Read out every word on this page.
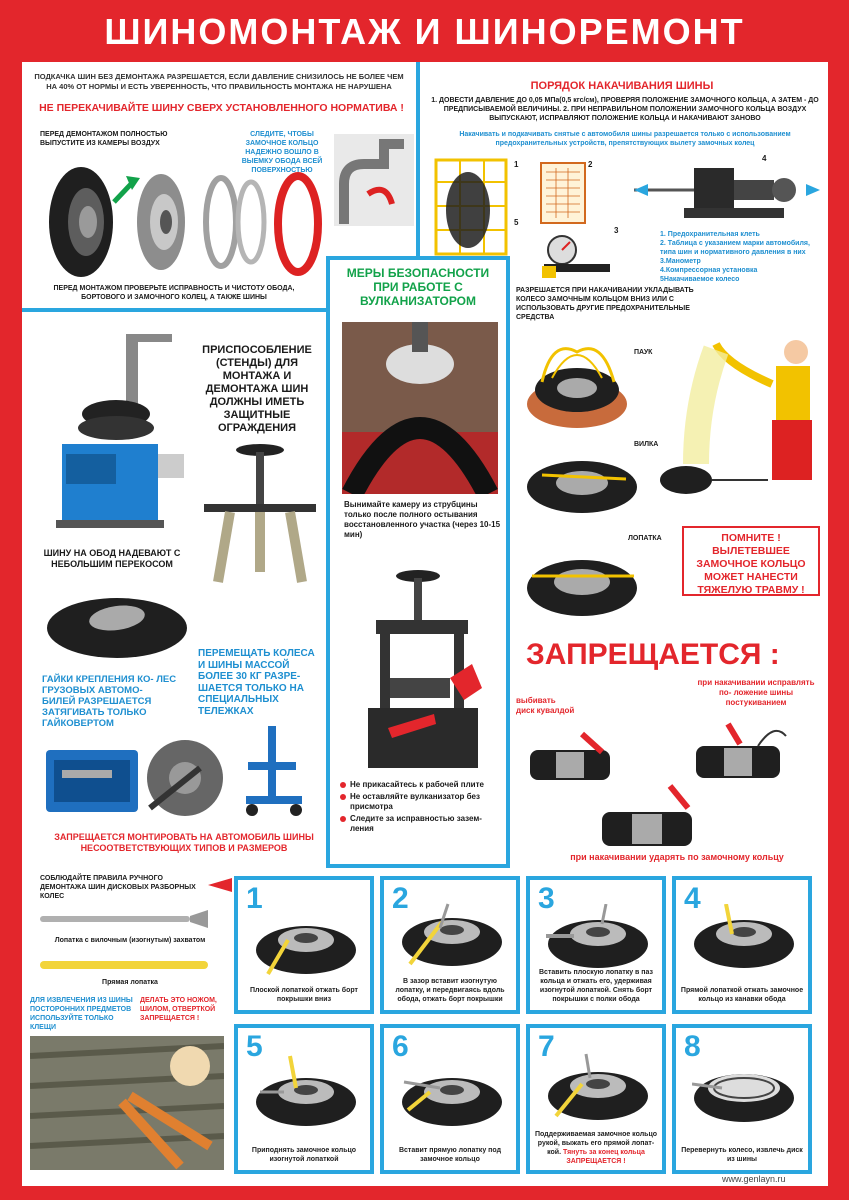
ШИНОМОНТАЖ И ШИНОРЕМОНТ
ПОДКАЧКА ШИН БЕЗ ДЕМОНТАЖА РАЗРЕШАЕТСЯ, ЕСЛИ ДАВЛЕНИЕ СНИЗИЛОСЬ НЕ БОЛЕЕ ЧЕМ НА 40% ОТ НОРМЫ И ЕСТЬ УВЕРЕННОСТЬ, ЧТО ПРАВИЛЬНОСТЬ МОНТАЖА НЕ НАРУШЕНА
НЕ ПЕРЕКАЧИВАЙТЕ ШИНУ СВЕРХ УСТАНОВЛЕННОГО НОРМАТИВА !
ПЕРЕД ДЕМОНТАЖОМ ПОЛНОСТЬЮ ВЫПУСТИТЕ ИЗ КАМЕРЫ ВОЗДУХ
СЛЕДИТЕ, ЧТОБЫ ЗАМОЧНОЕ КОЛЬЦО НАДЕЖНО ВОШЛО В ВЫЕМКУ ОБОДА ВСЕЙ ПОВЕРХНОСТЬЮ
ПЕРЕД МОНТАЖОМ ПРОВЕРЬТЕ ИСПРАВНОСТЬ И ЧИСТОТУ ОБОДА, БОРТОВОГО И ЗАМОЧНОГО КОЛЕЦ, А ТАКЖЕ ШИНЫ
ПОРЯДОК НАКАЧИВАНИЯ ШИНЫ
1. ДОВЕСТИ ДАВЛЕНИЕ ДО 0,05 МПа(0,5 кгс/см), ПРОВЕРЯЯ ПОЛОЖЕНИЕ ЗАМОЧНОГО КОЛЬЦА, А ЗАТЕМ - ДО ПРЕДПИСЫВАЕМОЙ ВЕЛИЧИНЫ. 2. ПРИ НЕПРАВИЛЬНОМ ПОЛОЖЕНИИ ЗАМОЧНОГО КОЛЬЦА ВОЗДУХ ВЫПУСКАЮТ, ИСПРАВЛЯЮТ ПОЛОЖЕНИЕ КОЛЬЦА И НАКАЧИВАЮТ ЗАНОВО
Накачивать и подкачивать снятые с автомобиля шины разрешается только с использованием предохранительных устройств, препятствующих вылету замочных колец
1
5
2
3
4
1. Предохранительная клеть
2. Таблица с указанием марки автомобиля, типа шин и нормативного давления в них
3.Манометр
4.Компрессорная установка
5Накачиваемое колесо
РАЗРЕШАЕТСЯ ПРИ НАКАЧИВАНИИ УКЛАДЫВАТЬ КОЛЕСО ЗАМОЧНЫМ КОЛЬЦОМ ВНИЗ ИЛИ С ИСПОЛЬЗОВАТЬ ДРУГИЕ ПРЕДОХРАНИТЕЛЬНЫЕ СРЕДСТВА
ПАУК
ВИЛКА
ЛОПАТКА	ПОМНИТЕ ! ВЫЛЕТЕВШЕЕ ЗАМОЧНОЕ КОЛЬЦО МОЖЕТ НАНЕСТИ ТЯЖЕЛУЮ ТРАВМУ !
МЕРЫ БЕЗОПАСНОСТИ ПРИ РАБОТЕ С ВУЛКАНИЗАТОРОМ
Вынимайте камеру из струбцины только после полного остывания восстановленного участка (через 10-15 мин)
Не прикасайтесь к рабочей плите
Не оставляйте вулканизатор без присмотра
Следите за исправностью зазем- ления
ПРИСПОСОБЛЕНИЕ (СТЕНДЫ) ДЛЯ МОНТАЖА И ДЕМОНТАЖА ШИН ДОЛЖНЫ ИМЕТЬ ЗАЩИТНЫЕ ОГРАЖДЕНИЯ
ШИНУ НА ОБОД НАДЕВАЮТ С НЕБОЛЬШИМ ПЕРЕКОСОМ
ГАЙКИ КРЕПЛЕНИЯ КО- ЛЕС ГРУЗОВЫХ АВТОМО- БИЛЕЙ РАЗРЕШАЕТСЯ ЗАТЯГИВАТЬ ТОЛЬКО ГАЙКОВЕРТОМ
ПЕРЕМЕЩАТЬ КОЛЕСА И ШИНЫ МАССОЙ БОЛЕЕ 30 КГ РАЗРЕ- ШАЕТСЯ ТОЛЬКО НА СПЕЦИАЛЬНЫХ ТЕЛЕЖКАХ
ЗАПРЕЩАЕТСЯ МОНТИРОВАТЬ НА АВТОМОБИЛЬ ШИНЫ НЕСООТВЕТСТВУЮЩИХ ТИПОВ И РАЗМЕРОВ
ЗАПРЕЩАЕТСЯ :
выбивать диск кувалдой
при накачивании исправлять по- ложение шины постукиванием
при накачивании ударять по замочному кольцу
СОБЛЮДАЙТЕ ПРАВИЛА РУЧНОГО ДЕМОНТАЖА ШИН ДИСКОВЫХ РАЗБОРНЫХ КОЛЕС
Лопатка с вилочным (изогнутым) захватом
Прямая лопатка
ДЛЯ ИЗВЛЕЧЕНИЯ ИЗ ШИНЫ ПОСТОРОННИХ ПРЕДМЕТОВ ИСПОЛЬЗУЙТЕ ТОЛЬКО КЛЕЩИ
ДЕЛАТЬ ЭТО НОЖОМ, ШИЛОМ, ОТВЕРТКОЙ ЗАПРЕЩАЕТСЯ !
1
Плоской лопаткой отжать борт покрышки вниз
2
В зазор вставит изогнутую лопатку, и передвигаясь вдоль обода, отжать борт покрышки
3
Вставить плоскую лопатку в паз кольца и отжать его, удерживая изогнутой лопаткой. Снять борт покрышки с полки обода
4
Прямой лопаткой отжать замочное кольцо из канавки обода
5
Приподнять замочное кольцо изогнутой лопаткой
6
Вставит прямую лопатку под замочное кольцо
7
Поддерживаемая замочное кольцо рукой, выжать его прямой лопат- кой. Тянуть за конец кольца ЗАПРЕЩАЕТСЯ !
8
Перевернуть колесо, извлечь диск из шины
www.genlayn.ru
